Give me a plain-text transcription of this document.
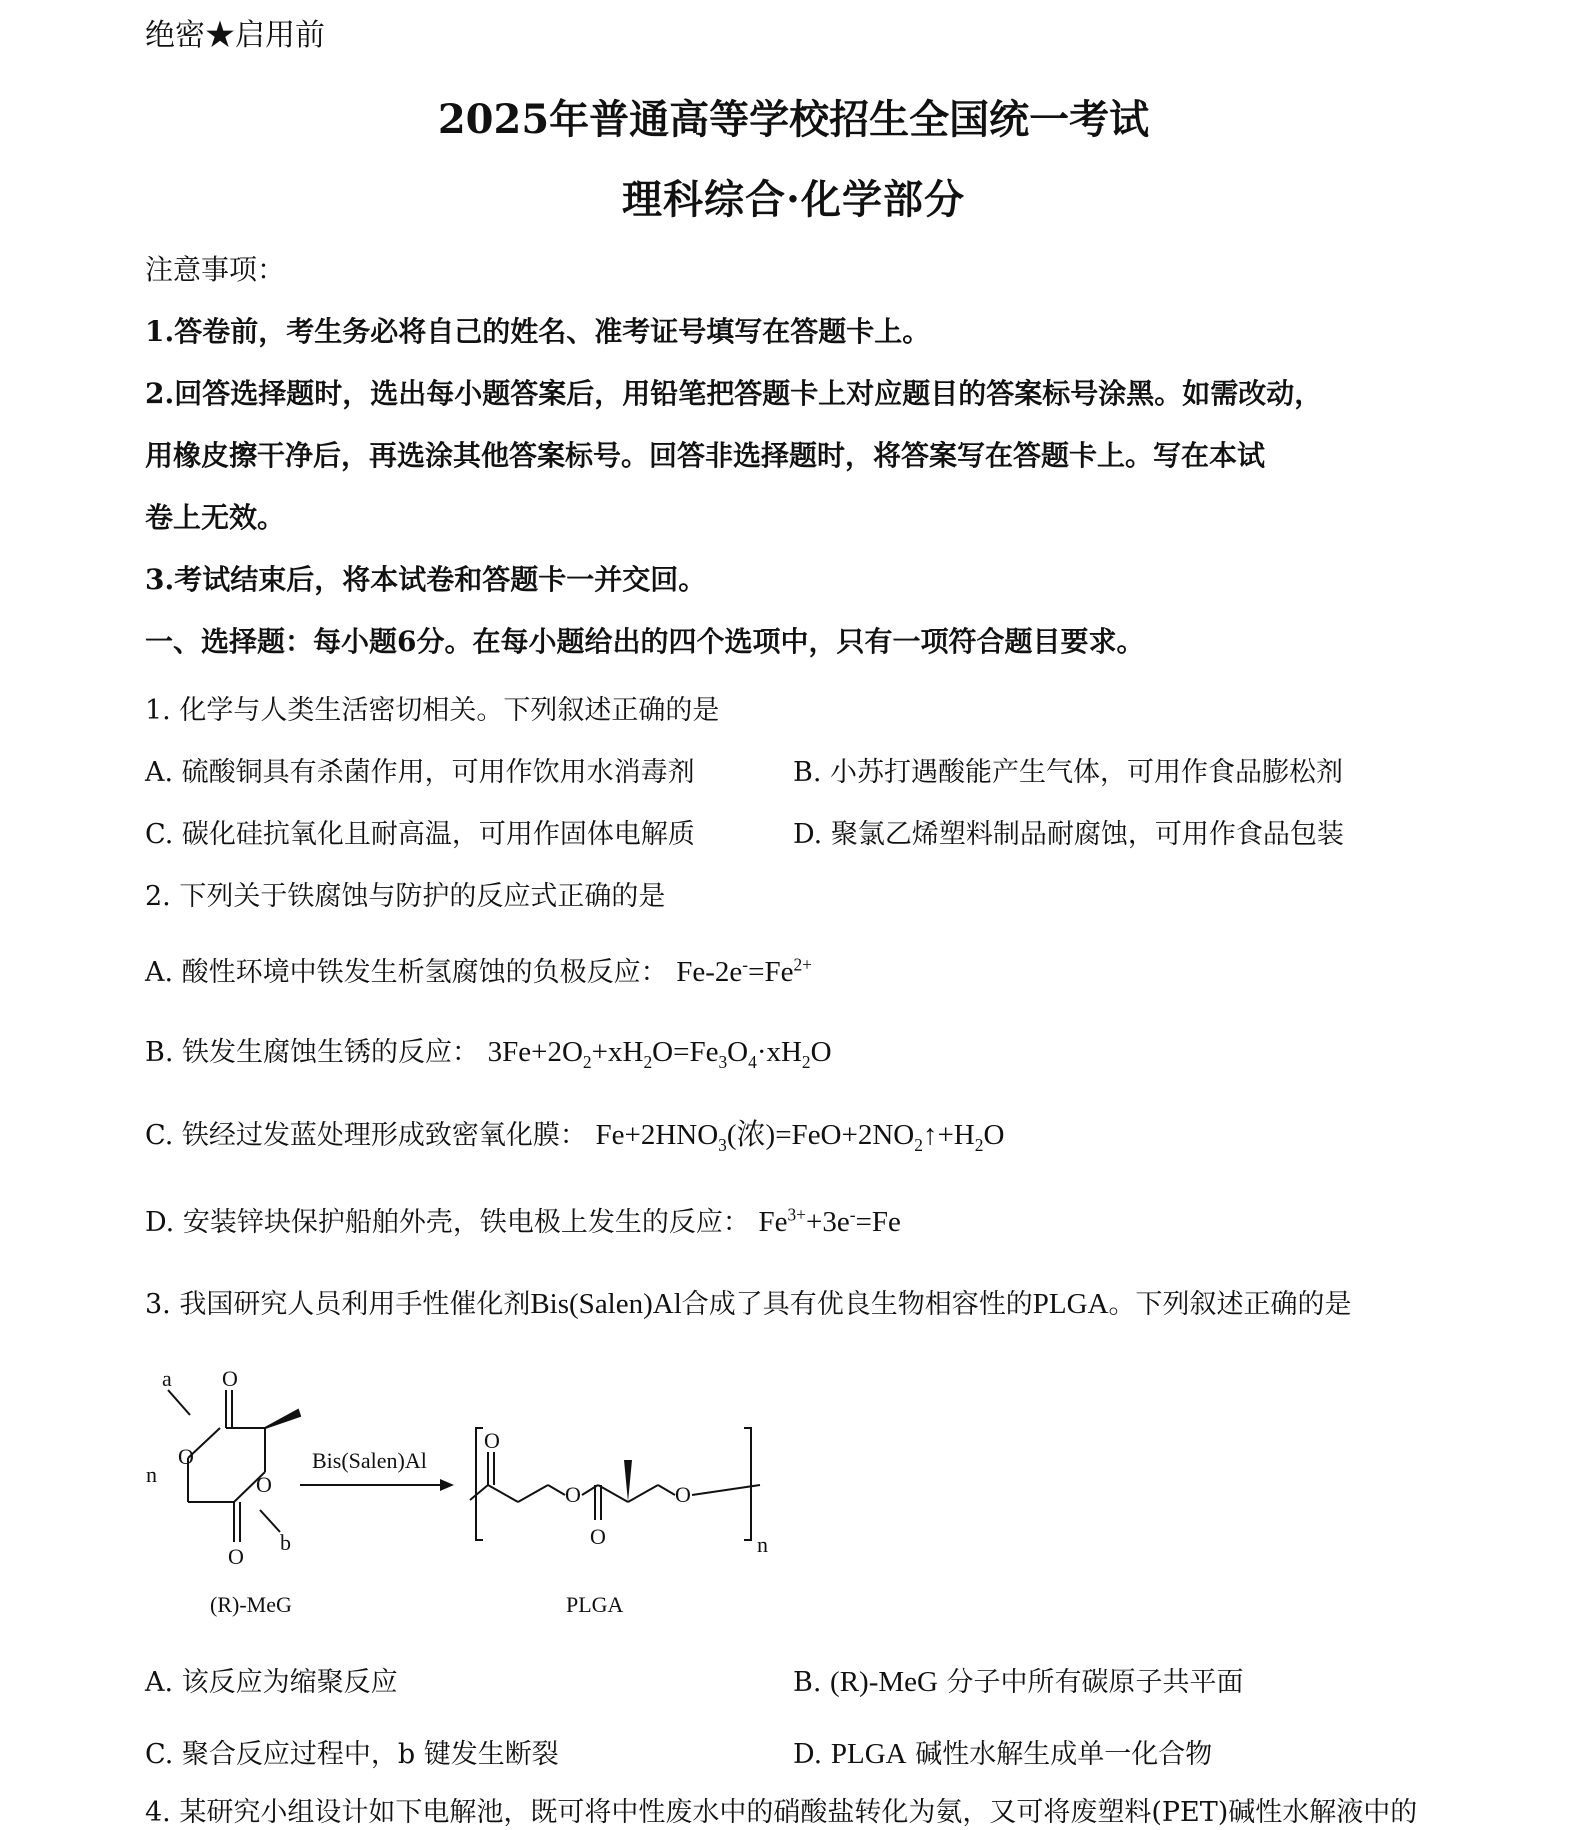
绝密★启用前
2025年普通高等学校招生全国统一考试
理科综合·化学部分
注意事项：
1.答卷前，考生务必将自己的姓名、准考证号填写在答题卡上。
2.回答选择题时，选出每小题答案后，用铅笔把答题卡上对应题目的答案标号涂黑。如需改动，
用橡皮擦干净后，再选涂其他答案标号。回答非选择题时，将答案写在答题卡上。写在本试
卷上无效。
3.考试结束后，将本试卷和答题卡一并交回。
一、选择题：每小题6分。在每小题给出的四个选项中，只有一项符合题目要求。
1. 化学与人类生活密切相关。下列叙述正确的是
A. 硫酸铜具有杀菌作用，可用作饮用水消毒剂	B. 小苏打遇酸能产生气体，可用作食品膨松剂
C. 碳化硅抗氧化且耐高温，可用作固体电解质	D. 聚氯乙烯塑料制品耐腐蚀，可用作食品包装
2. 下列关于铁腐蚀与防护的反应式正确的是
A. 酸性环境中铁发生析氢腐蚀的负极反应： $Fe-2e^-=Fe^{2+}$
B. 铁发生腐蚀生锈的反应： $3Fe+2O_2+xH_2O=Fe_3O_4\cdot xH_2O$
C. 铁经过发蓝处理形成致密氧化膜： $Fe+2HNO_3$(浓)$=FeO+2NO_2↑+H_2O$
D. 安装锌块保护船舶外壳，铁电极上发生的反应： $Fe^{3+}+3e^-=Fe$
3. 我国研究人员利用手性催化剂Bis(Salen)Al合成了具有优良生物相容性的PLGA。下列叙述正确的是
O
O
O
O
a
b
n
(R)-MeG
Bis(Salen)Al
O
O
O
O
n
PLGA
A. 该反应为缩聚反应	B. (R)-MeG 分子中所有碳原子共平面
C. 聚合反应过程中，b 键发生断裂	D. PLGA 碱性水解生成单一化合物
4. 某研究小组设计如下电解池，既可将中性废水中的硝酸盐转化为氨，又可将废塑料(PET)碱性水解液中的
